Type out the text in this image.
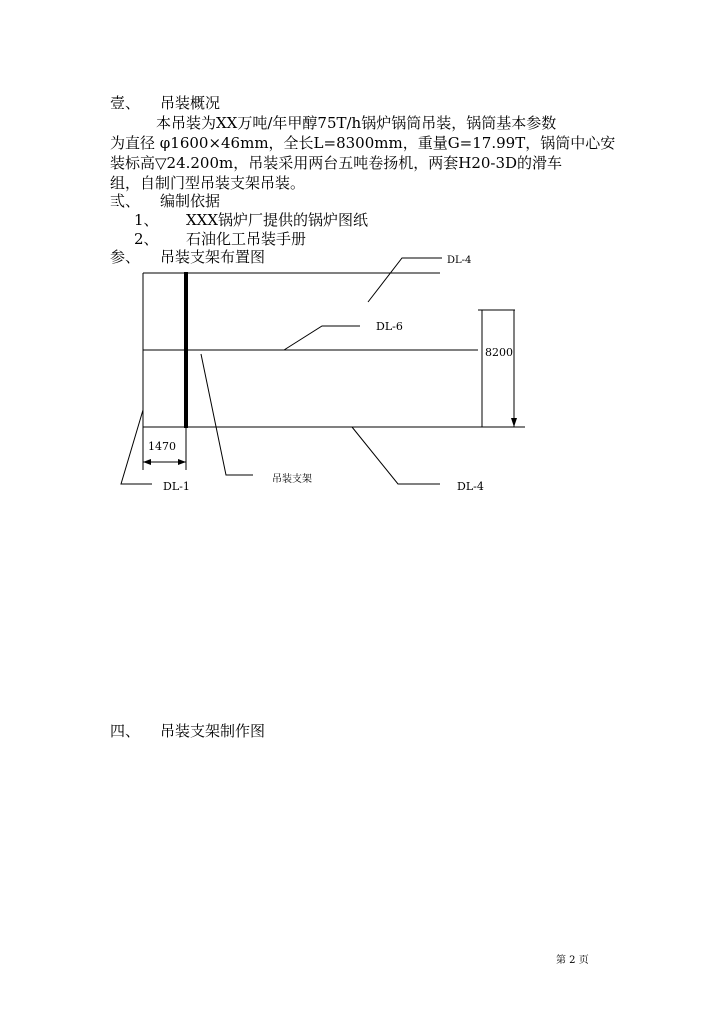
壹、 吊装概况
本吊装为XX万吨/年甲醇75T/h锅炉锅筒吊装，锅筒基本参数
为直径 φ1600×46mm，全长L=8300mm，重量G=17.99T，锅筒中心安
装标高▽24.200m，吊装采用两台五吨卷扬机，两套H20-3D的滑车
组，自制门型吊装支架吊装。
弎、 编制依据
1、 XXX锅炉厂提供的锅炉图纸
2、 石油化工吊装手册
参、 吊装支架布置图
1470
8200
DL-4
DL-6
DL-1
吊装支架
DL-4
四、 吊装支架制作图
第 2 页
